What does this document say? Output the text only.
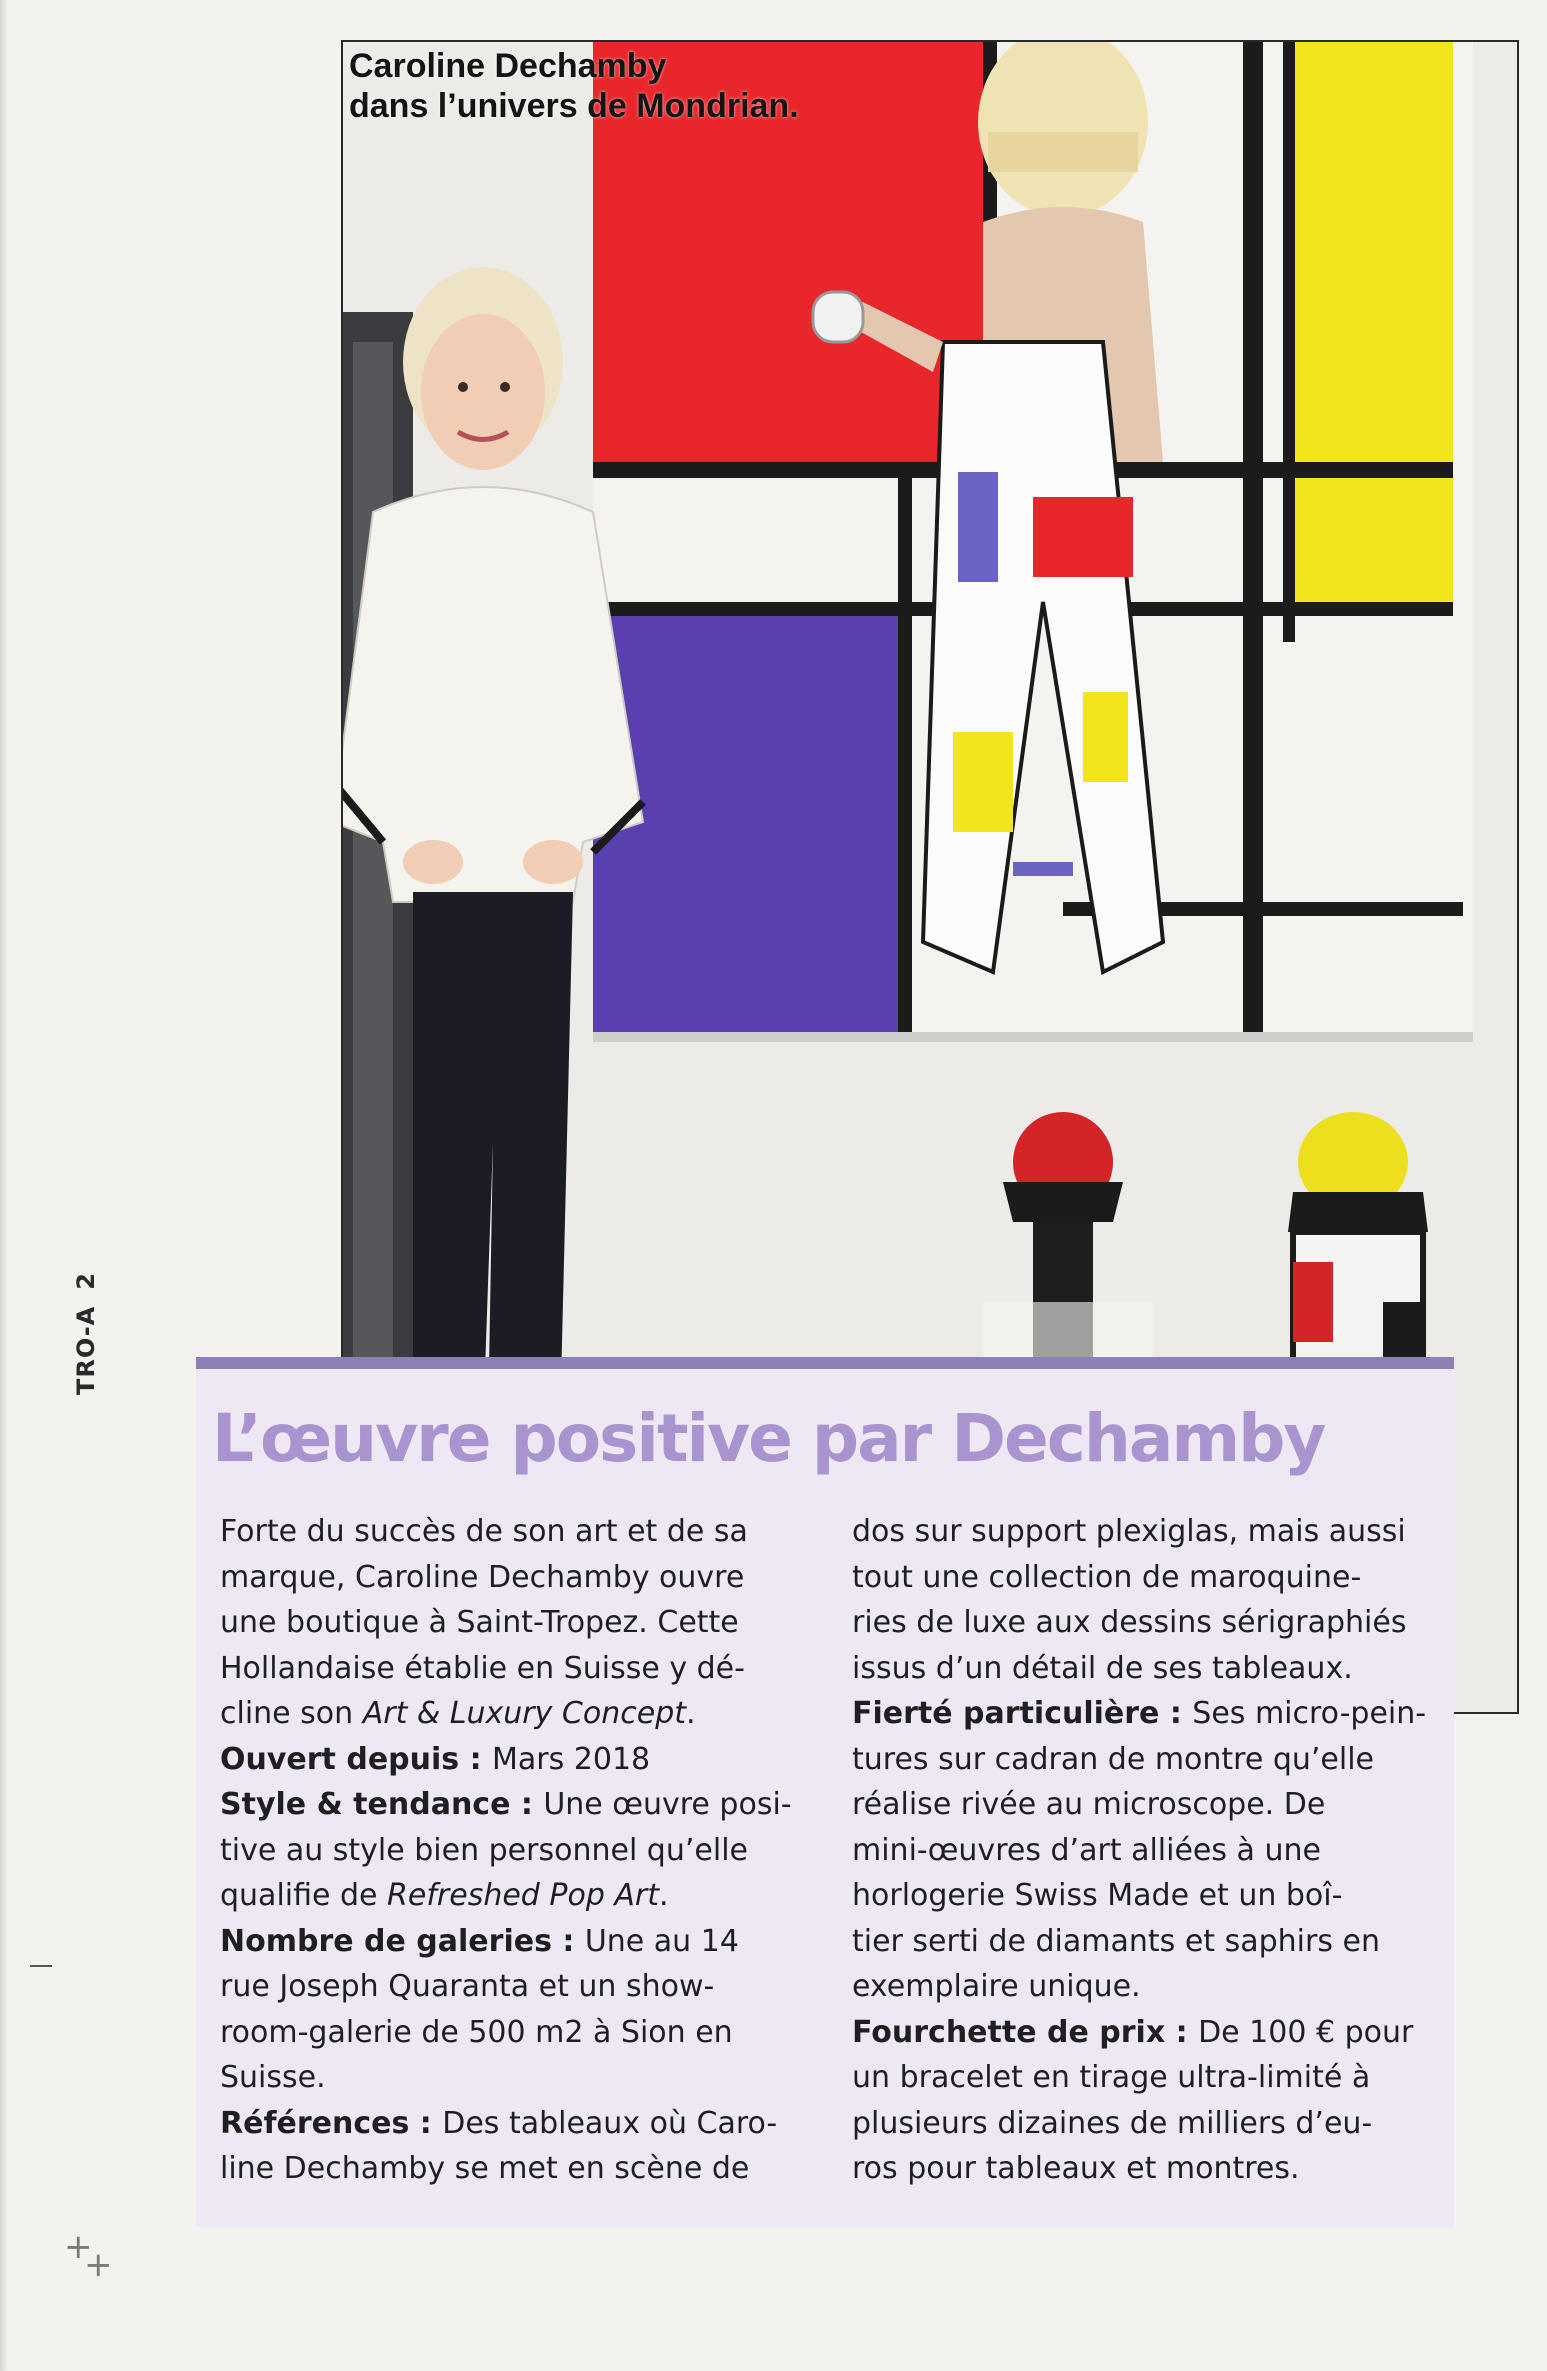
TRO-A2
+
+
Caroline Dechamby
dans l’univers de Mondrian.
L’œuvre positive par Dechamby

Forte du succès de son art et de sa

marque, Caroline Dechamby ouvre

une boutique à Saint-Tropez. Cette

Hollandaise établie en Suisse y dé-

cline son Art & Luxury Concept.

Ouvert depuis : Mars 2018

Style & tendance : Une œuvre posi-

tive au style bien personnel qu’elle

qualifie de Refreshed Pop Art.

Nombre de galeries : Une au 14

rue Joseph Quaranta et un show-

room-galerie de 500 m2 à Sion en

Suisse.

Références : Des tableaux où Caro-

line Dechamby se met en scène de

dos sur support plexiglas, mais aussi

tout une collection de maroquine-

ries de luxe aux dessins sérigraphiés

issus d’un détail de ses tableaux.

Fierté particulière : Ses micro-pein-

tures sur cadran de montre qu’elle

réalise rivée au microscope. De

mini-œuvres d’art alliées à une

horlogerie Swiss Made et un boî-

tier serti de diamants et saphirs en

exemplaire unique.

Fourchette de prix : De 100 € pour

un bracelet en tirage ultra-limité à

plusieurs dizaines de milliers d’eu-

ros pour tableaux et montres.
